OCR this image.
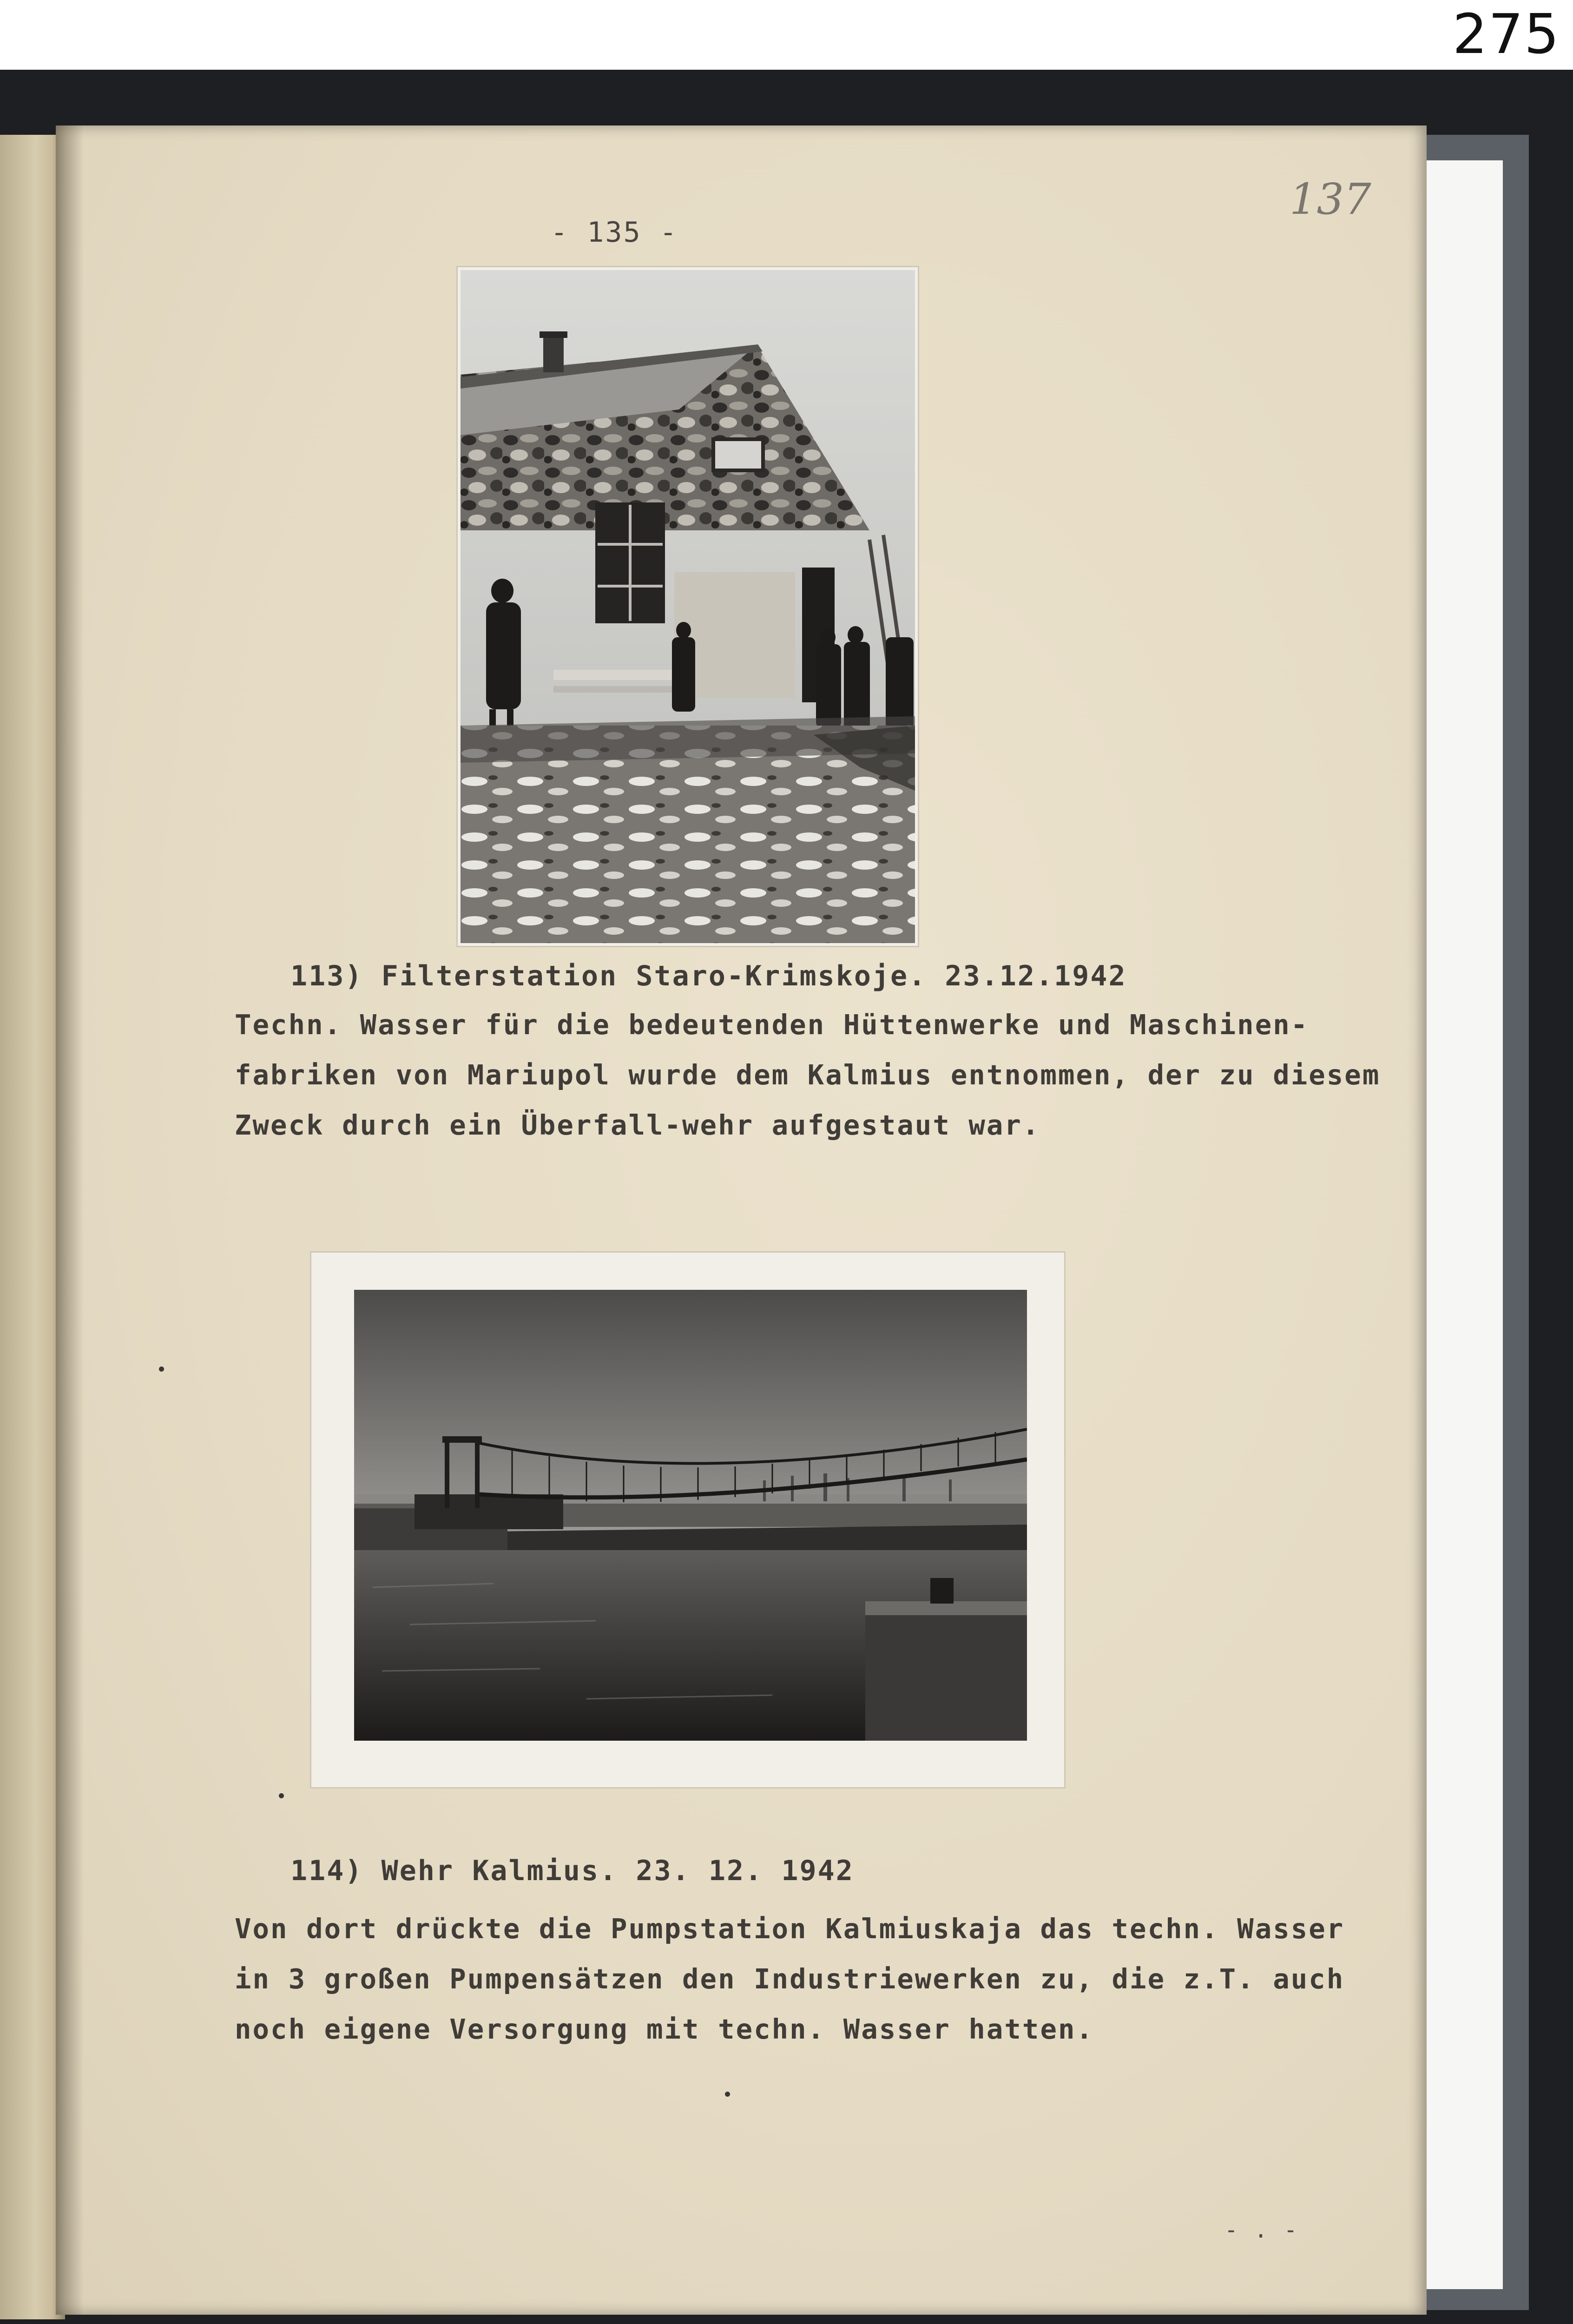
275
- 135 -
137
113) Filterstation Staro-Krimskoje. 23.12.1942
Techn. Wasser für die bedeutenden Hüttenwerke und Maschinen-
fabriken von Mariupol wurde dem Kalmius entnommen, der zu diesem
Zweck durch ein Überfall-wehr aufgestaut war.
114) Wehr Kalmius. 23. 12. 1942
Von dort drückte die Pumpstation Kalmiuskaja das techn. Wasser
in 3 großen Pumpensätzen den Industriewerken zu, die z.T. auch
noch eigene Versorgung mit techn. Wasser hatten.
- . -
